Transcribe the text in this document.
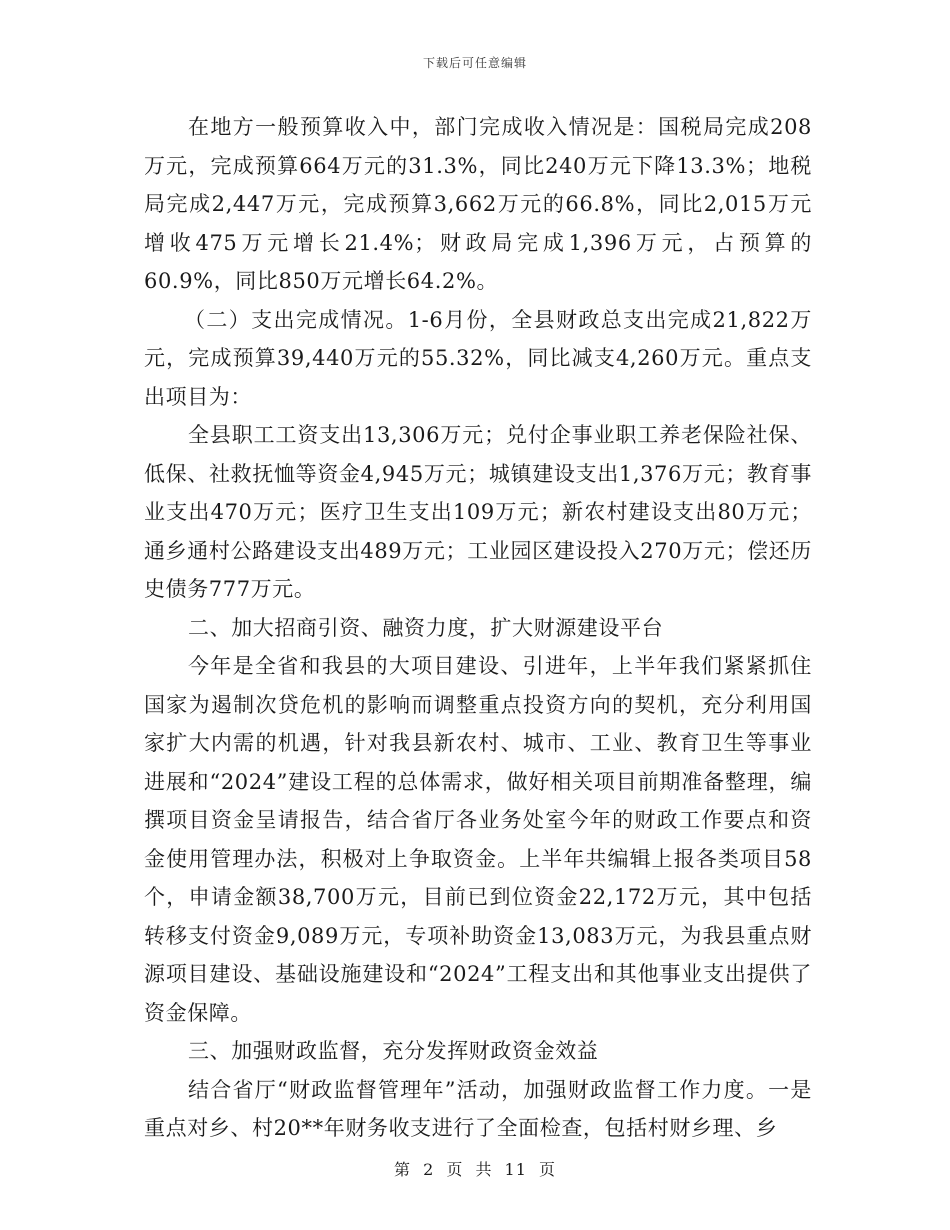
下载后可任意编辑

在地方一般预算收入中，部门完成收入情况是：国税局完成208万元，完成预算664万元的31.3%，同比240万元下降13.3%；地税局完成2,447万元，完成预算3,662万元的66.8%，同比2,015万元增收475万元增长21.4%；财政局完成1,396万元，占预算的60.9%，同比850万元增长64.2%。

（二）支出完成情况。1-6月份，全县财政总支出完成21,822万元，完成预算39,440万元的55.32%，同比减支4,260万元。重点支出项目为：

全县职工工资支出13,306万元；兑付企事业职工养老保险社保、低保、社救抚恤等资金4,945万元；城镇建设支出1,376万元；教育事业支出470万元；医疗卫生支出109万元；新农村建设支出80万元；通乡通村公路建设支出489万元；工业园区建设投入270万元；偿还历史债务777万元。

二、加大招商引资、融资力度，扩大财源建设平台

今年是全省和我县的大项目建设、引进年，上半年我们紧紧抓住国家为遏制次贷危机的影响而调整重点投资方向的契机，充分利用国家扩大内需的机遇，针对我县新农村、城市、工业、教育卫生等事业进展和“2024”建设工程的总体需求，做好相关项目前期准备整理，编撰项目资金呈请报告，结合省厅各业务处室今年的财政工作要点和资金使用管理办法，积极对上争取资金。上半年共编辑上报各类项目58个，申请金额38,700万元，目前已到位资金22,172万元，其中包括转移支付资金9,089万元，专项补助资金13,083万元，为我县重点财源项目建设、基础设施建设和“2024”工程支出和其他事业支出提供了资金保障。

三、加强财政监督，充分发挥财政资金效益

结合省厅“财政监督管理年”活动，加强财政监督工作力度。一是重点对乡、村20**年财务收支进行了全面检查，包括村财乡理、乡

第 2 页 共 11 页
